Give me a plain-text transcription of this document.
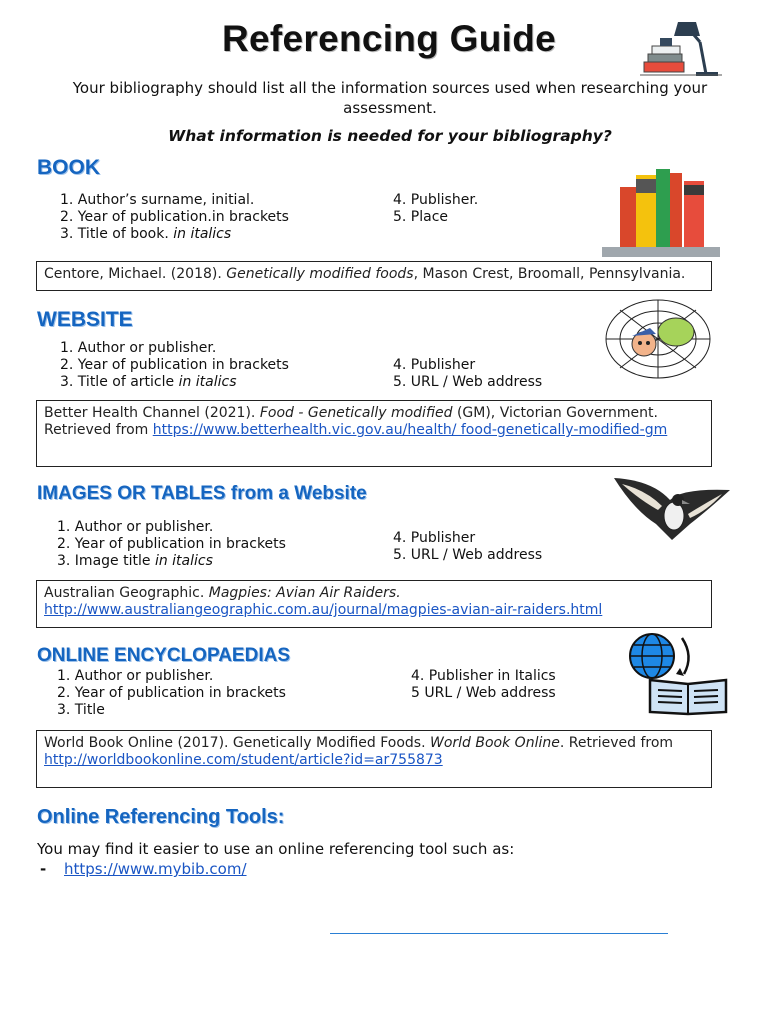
Referencing Guide
Your bibliography should list all the information sources used when researching your assessment.
What information is needed for your bibliography?
BOOK
1. Author’s surname, initial.
2. Year of publication.in brackets
3. Title of book. in italics
4. Publisher.
5. Place
Centore, Michael. (2018). Genetically modified foods, Mason Crest, Broomall, Pennsylvania.
WEBSITE
1. Author or publisher.
2. Year of publication in brackets
3. Title of article in italics
4. Publisher
5. URL / Web address
Better Health Channel (2021). Food - Genetically modified (GM), Victorian Government.
Retrieved from https://www.betterhealth.vic.gov.au/health/ food-genetically-modified-gm
IMAGES OR TABLES from a Website
1. Author or publisher.
2. Year of publication in brackets
3. Image title in italics
4. Publisher
5. URL / Web address
Australian Geographic. Magpies: Avian Air Raiders.
http://www.australiangeographic.com.au/journal/magpies-avian-air-raiders.html
ONLINE ENCYCLOPAEDIAS
1. Author or publisher.
2. Year of publication in brackets
3. Title
4. Publisher in Italics
5 URL / Web address
World Book Online (2017). Genetically Modified Foods. World Book Online. Retrieved from
http://worldbookonline.com/student/article?id=ar755873
Online Referencing Tools:
You may find it easier to use an online referencing tool such as:
- https://www.mybib.com/
